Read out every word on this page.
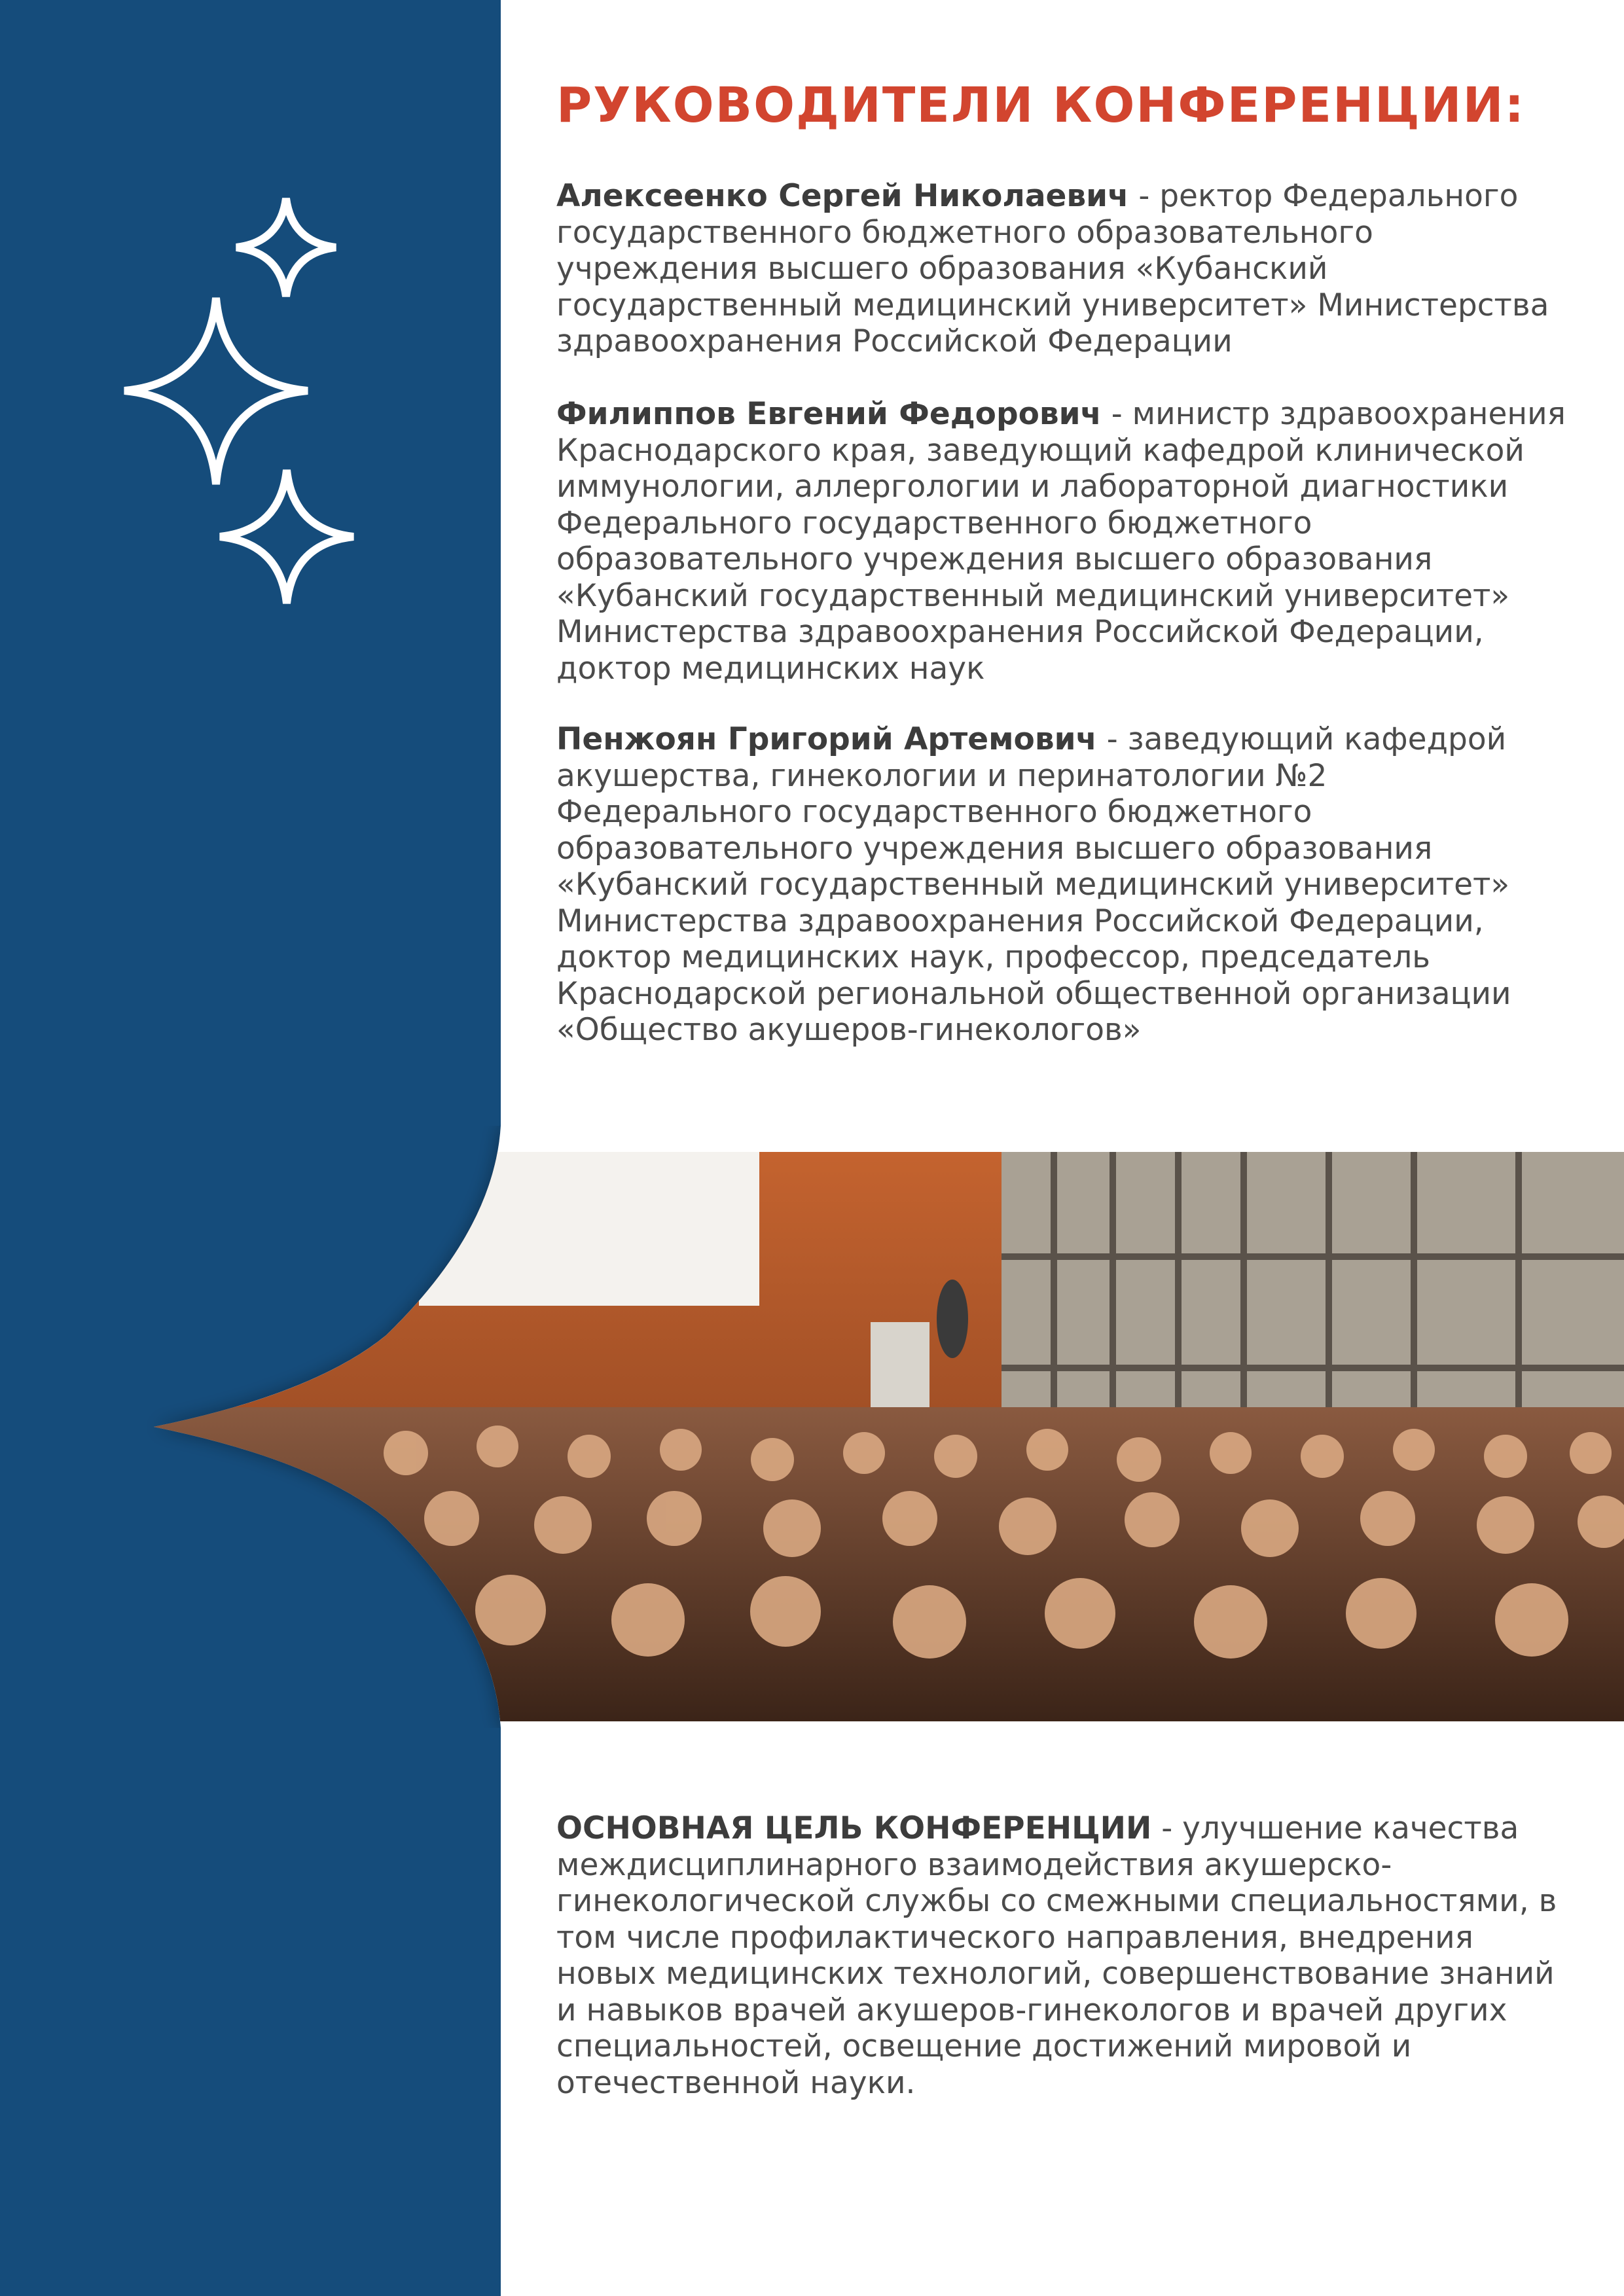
РУКОВОДИТЕЛИ КОНФЕРЕНЦИИ:

Алексеенко Сергей Николаевич - ректор Федерального государственного бюджетного образовательного учреждения высшего образования «Кубанский государственный медицинский университет» Министерства здравоохранения Российской Федерации

Филиппов Евгений Федорович - министр здравоохранения Краснодарского края, заведующий кафедрой клинической иммунологии, аллергологии и лабораторной диагностики Федерального государственного бюджетного образовательного учреждения высшего образования «Кубанский государственный медицинский университет» Министерства здравоохранения Российской Федерации, доктор медицинских наук

Пенжоян Григорий Артемович - заведующий кафедрой акушерства, гинекологии и перинатологии №2 Федерального государственного бюджетного образовательного учреждения высшего образования «Кубанский государственный медицинский университет» Министерства здравоохранения Российской Федерации, доктор медицинских наук, профессор, председатель Краснодарской региональной общественной организации «Общество акушеров-гинекологов»

ОСНОВНАЯ ЦЕЛЬ КОНФЕРЕНЦИИ - улучшение качества междисциплинарного взаимодействия акушерско-гинекологической службы со смежными специальностями, в том числе профилактического направления, внедрения новых медицинских технологий, совершенствование знаний и навыков врачей акушеров-гинекологов и врачей других специальностей, освещение достижений мировой и отечественной науки.
